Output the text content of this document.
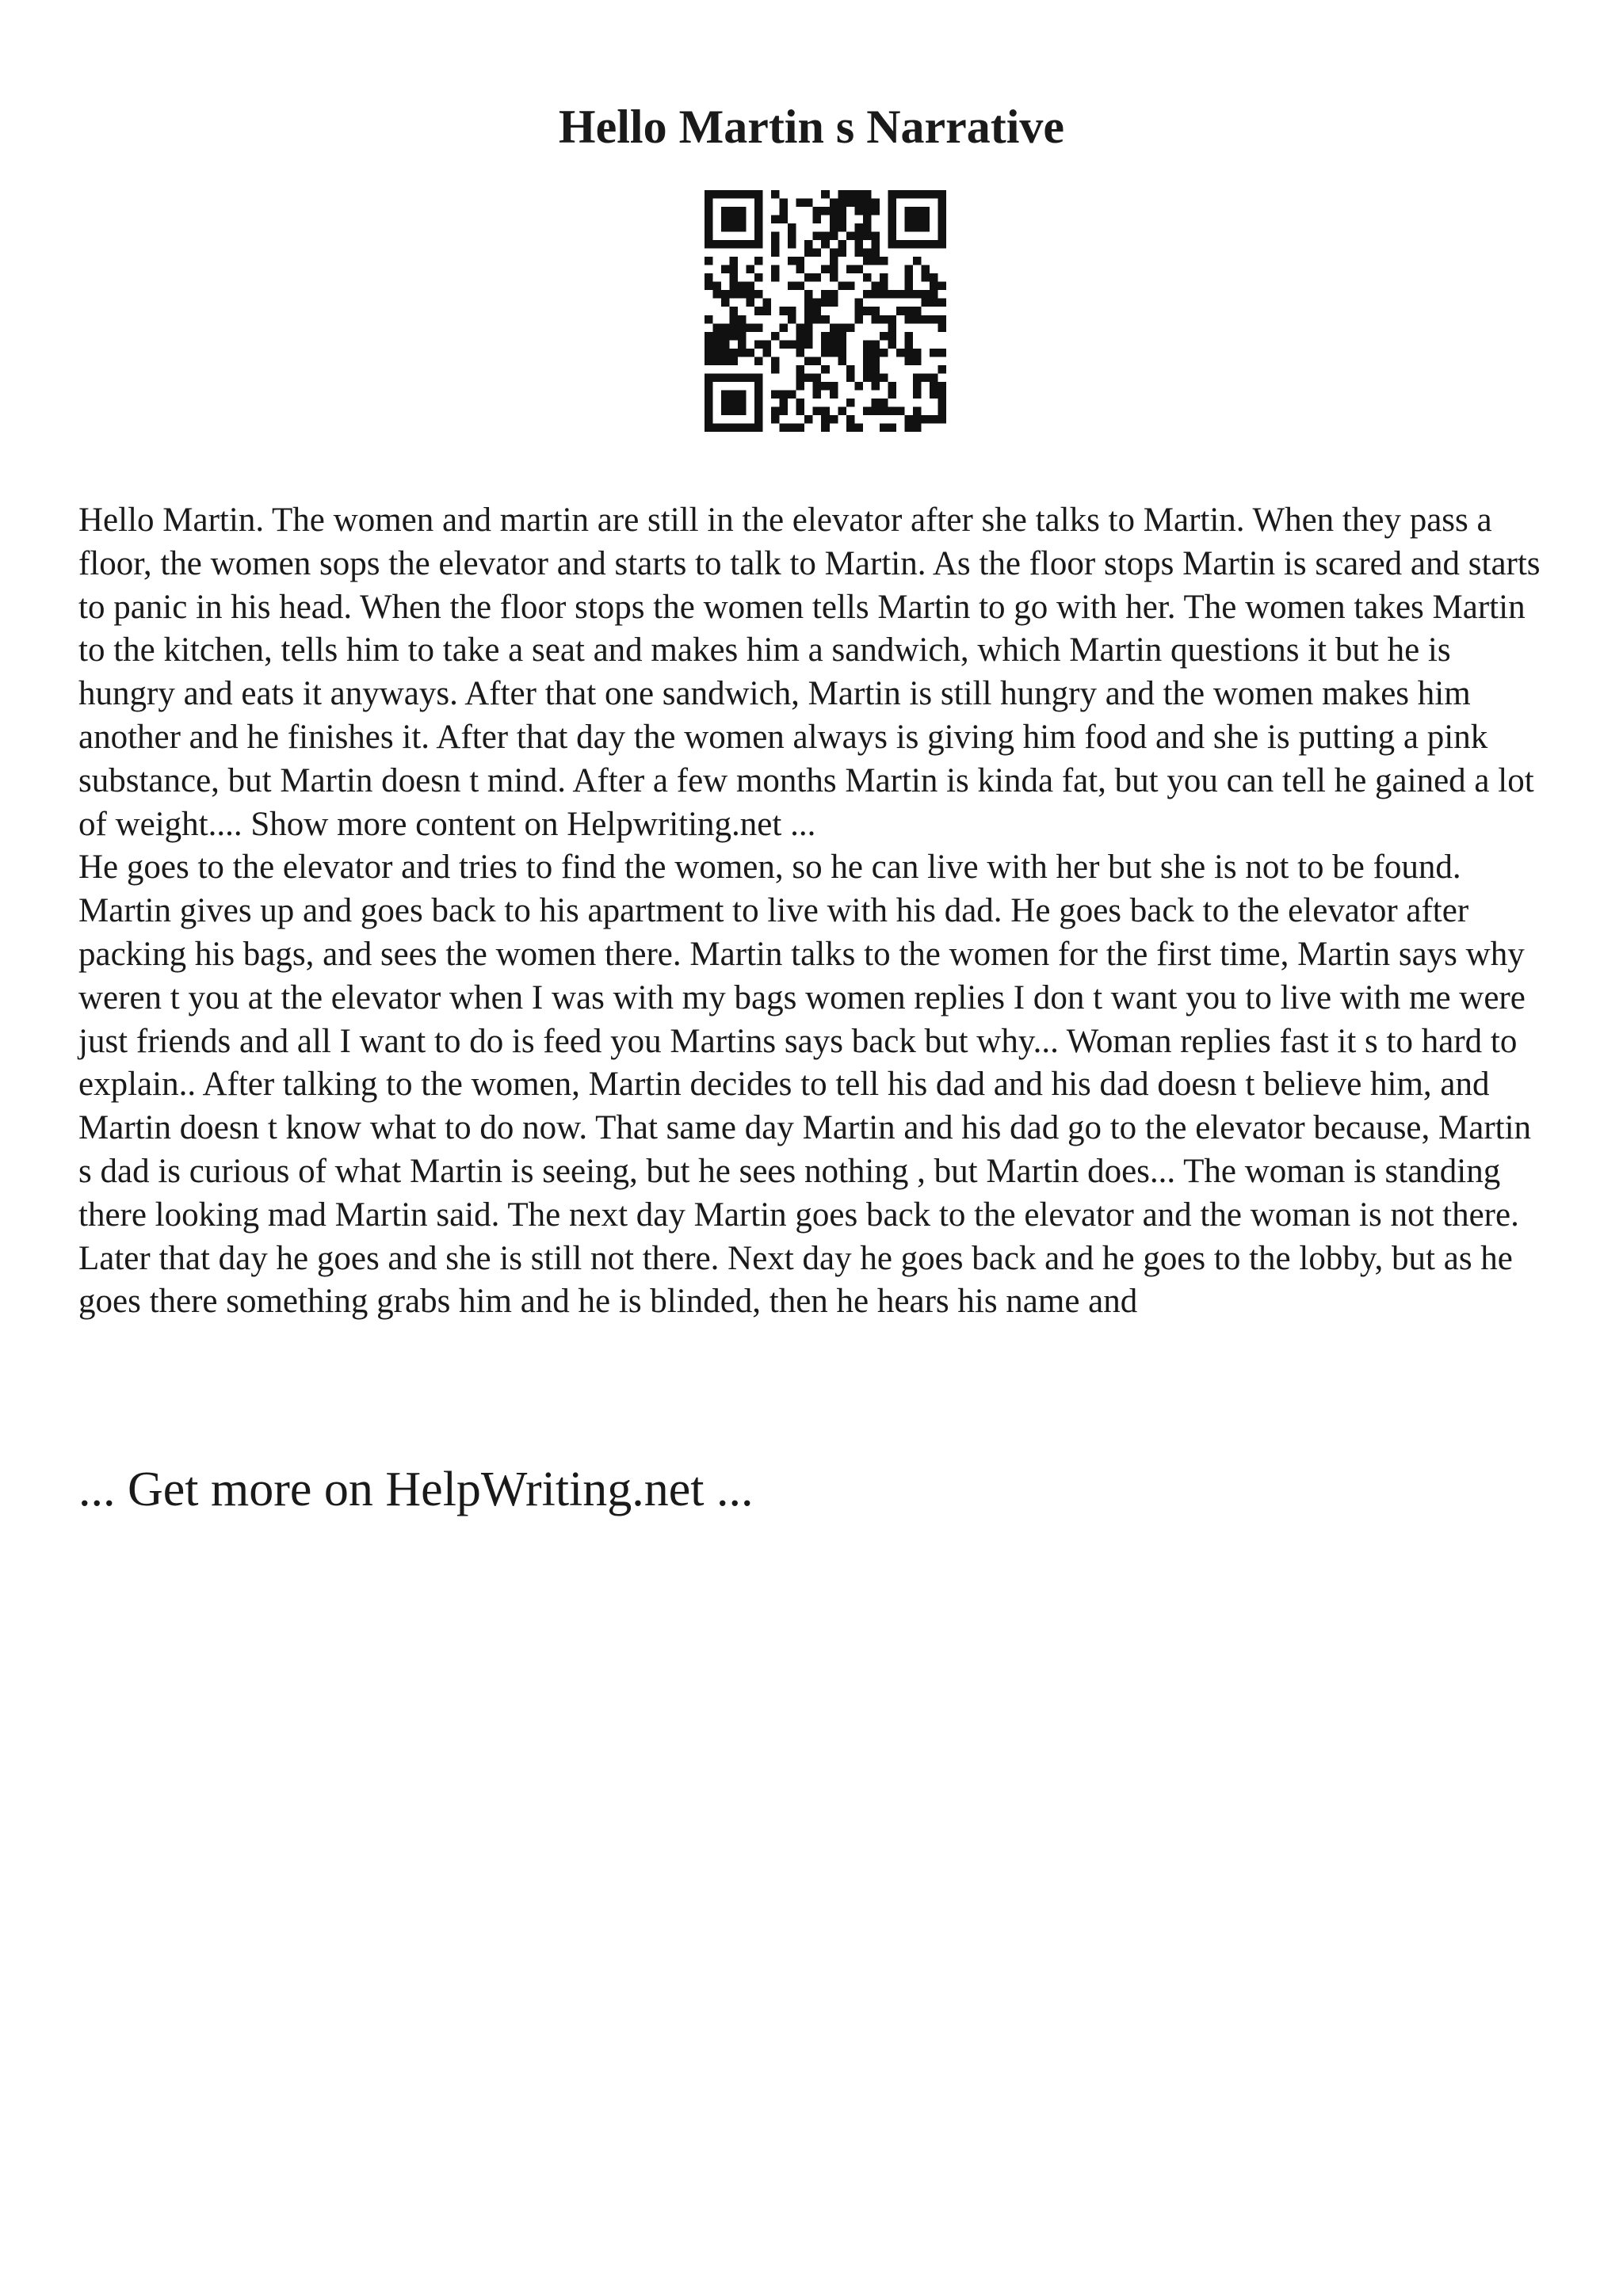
Hello Martin s Narrative

Hello Martin. The women and martin are still in the elevator after she talks to Martin. When they pass a floor, the women sops the elevator and starts to talk to Martin. As the floor stops Martin is scared and starts to panic in his head. When the floor stops the women tells Martin to go with her. The women takes Martin to the kitchen, tells him to take a seat and makes him a sandwich, which Martin questions it but he is hungry and eats it anyways. After that one sandwich, Martin is still hungry and the women makes him another and he finishes it. After that day the women always is giving him food and she is putting a pink substance, but Martin doesn t mind. After a few months Martin is kinda fat, but you can tell he gained a lot of weight.... Show more content on Helpwriting.net ...

He goes to the elevator and tries to find the women, so he can live with her but she is not to be found. Martin gives up and goes back to his apartment to live with his dad. He goes back to the elevator after packing his bags, and sees the women there. Martin talks to the women for the first time, Martin says why weren t you at the elevator when I was with my bags women replies I don t want you to live with me were just friends and all I want to do is feed you Martins says back but why... Woman replies fast it s to hard to explain.. After talking to the women, Martin decides to tell his dad and his dad doesn t believe him, and Martin doesn t know what to do now. That same day Martin and his dad go to the elevator because, Martin s dad is curious of what Martin is seeing, but he sees nothing , but Martin does... The woman is standing there looking mad Martin said. The next day Martin goes back to the elevator and the woman is not there. Later that day he goes and she is still not there. Next day he goes back and he goes to the lobby, but as he goes there something grabs him and he is blinded, then he hears his name and

... Get more on HelpWriting.net ...
